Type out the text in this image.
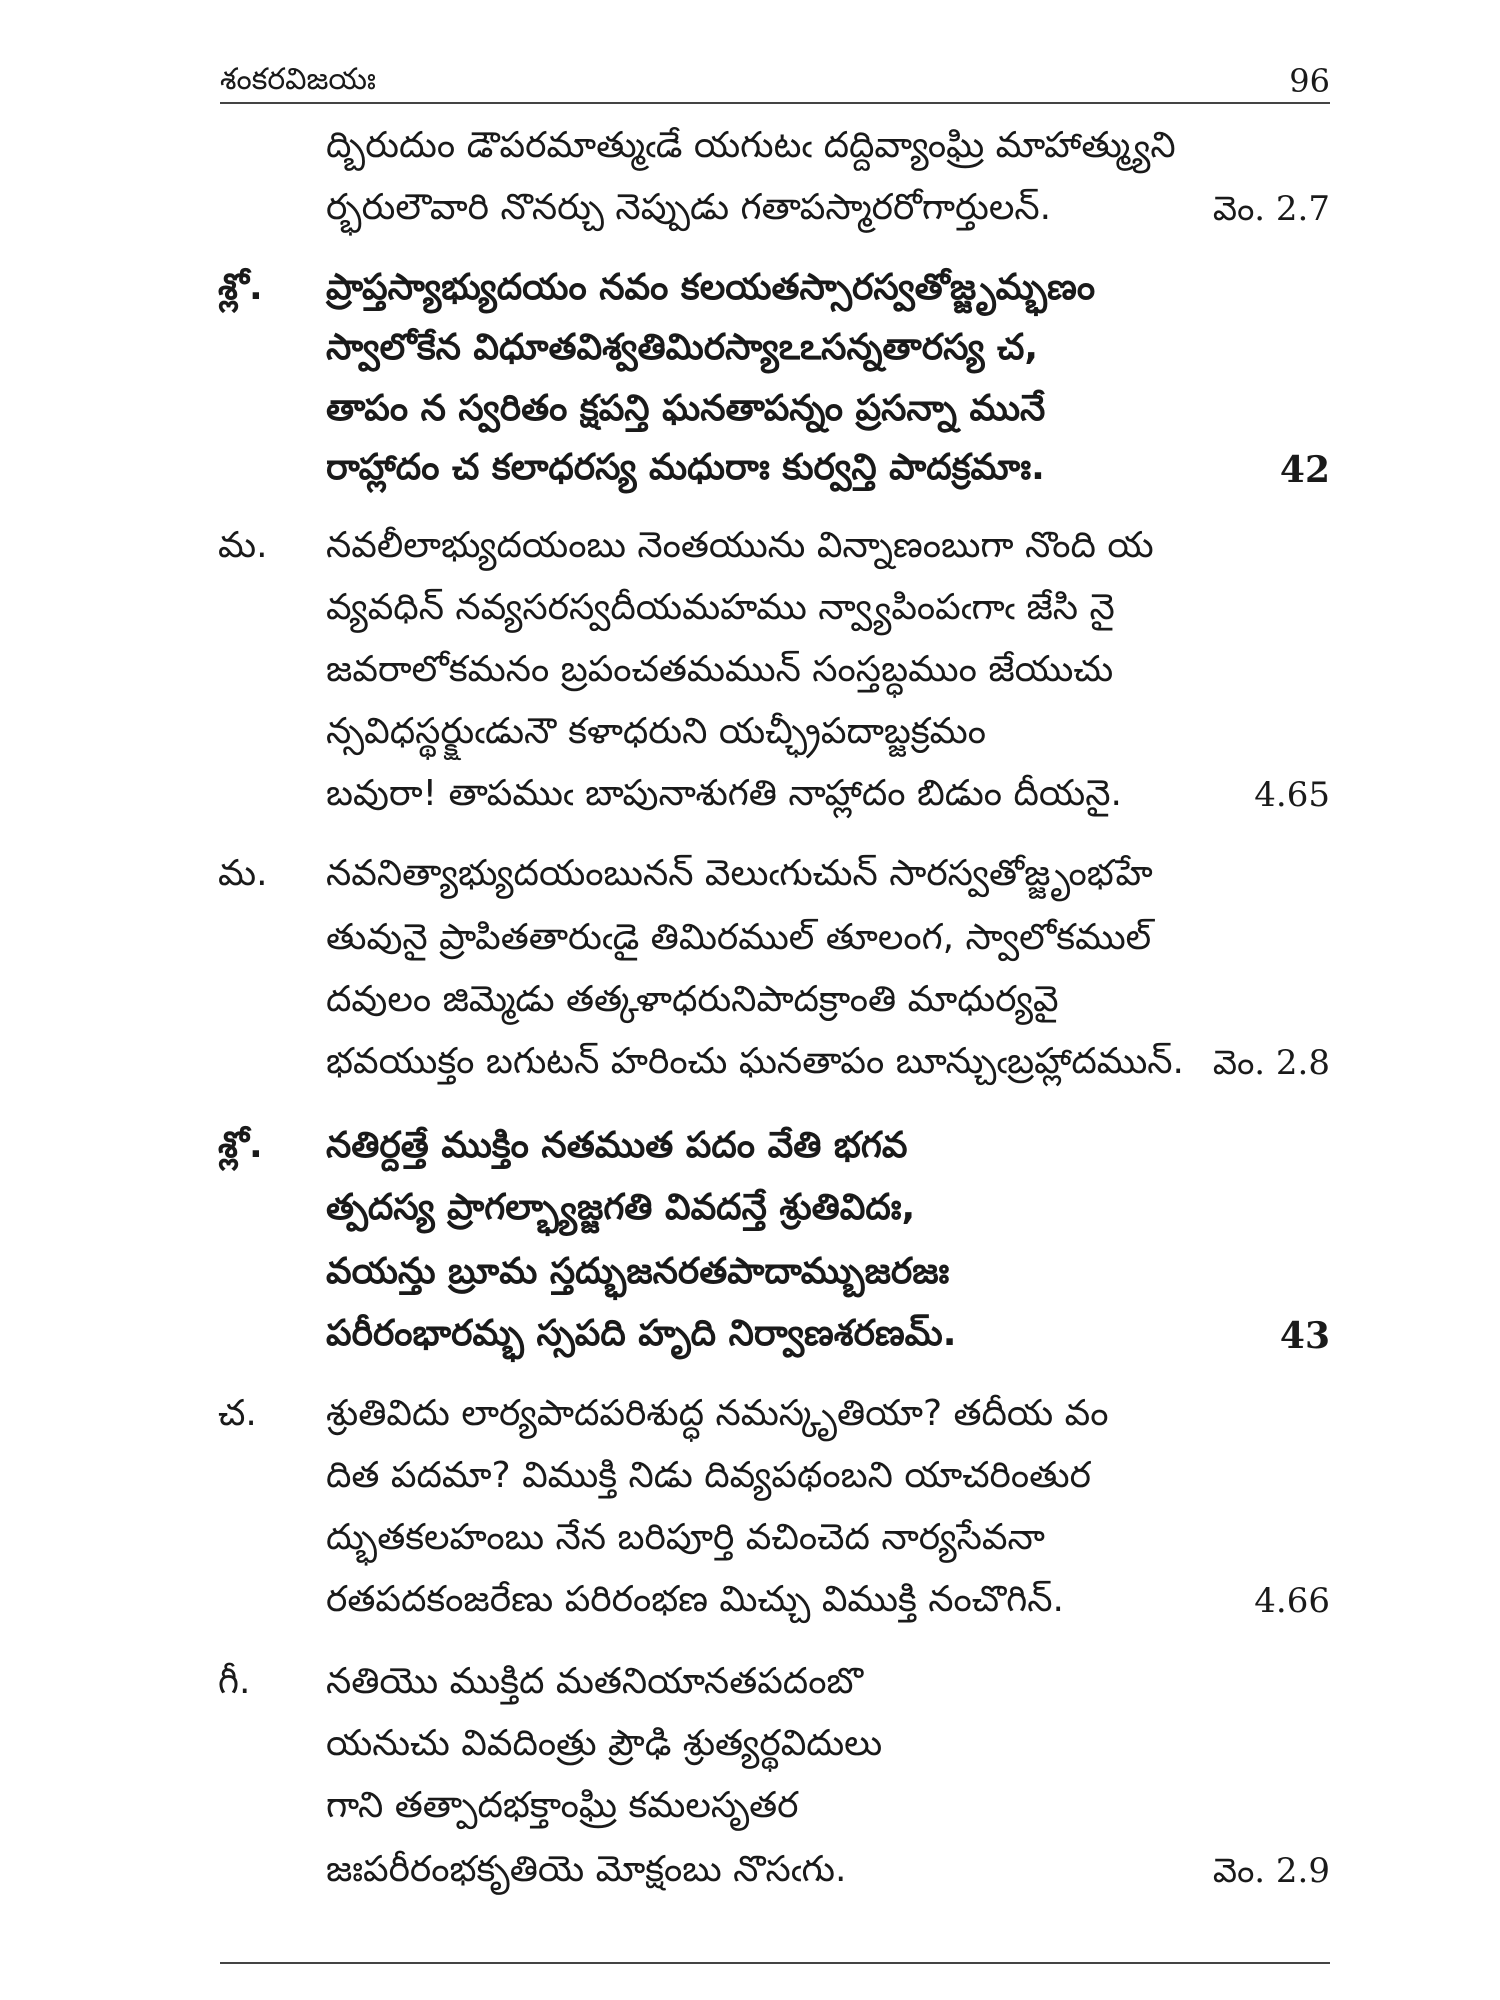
శంకరవిజయః	96
ద్బిరుదుం డౌపరమాత్ముఁడే యగుటఁ దద్దివ్యాంఘ్రి మాహాత్మ్యుని
ర్భరులౌవారి నొనర్చు నెప్పుడు గతాపస్మారరోగార్తులన్.	వెం. 2.7
శ్లో. ప్రాప్తస్యాభ్యుదయం నవం కలయతస్సారస్వతోజ్జృమ్భణం
స్వాలోకేన విధూతవిశ్వతిమిరస్యాఽఽసన్నతారస్య చ,
తాపం న స్వరితం క్షపన్తి ఘనతాపన్నం ప్రసన్నా మునే
రాహ్లాదం చ కలాధరస్య మధురాః కుర్వన్తి పాదక్రమాః.	42
మ. నవలీలాభ్యుదయంబు నెంతయును విన్నాణంబుగా నొంది య
వ్యవధిన్ నవ్యసరస్వదీయమహము న్వ్యాపింపఁగాఁ జేసి నై
జవరాలోకమనం బ్రపంచతమమున్ సంస్తబ్ధముం జేయుచు
న్సవిధస్థర్క్షుఁడునౌ కళాధరుని యచ్ఛ్రీపదాబ్జక్రమం
బవురా! తాపముఁ బాపునాశుగతి నాహ్లాదం బిడుం దీయనై.	4.65
మ. నవనిత్యాభ్యుదయంబునన్ వెలుఁగుచున్ సారస్వతోజ్జృంభహే
తువునై ప్రాపితతారుఁడై తిమిరముల్ తూలంగ, స్వాలోకముల్
దవులం జిమ్మెడు తత్కళాధరునిపాదక్రాంతి మాధుర్యవై
భవయుక్తం బగుటన్ హరించు ఘనతాపం బూన్చుఁబ్రహ్లాదమున్. వెం. 2.8
శ్లో. నతిర్దత్తే ముక్తిం నతముత పదం వేతి భగవ
త్పదస్య ప్రాగల్భ్యాజ్జగతి వివదన్తే శ్రుతివిదః,
వయన్తు బ్రూమ స్తద్భుజనరతపాదామ్బుజరజః
పరీరంభారమ్భ స్సపది హృది నిర్వాణశరణమ్.	43
చ. శ్రుతివిదు లార్యపాదపరిశుద్ధ నమస్కృతియా? తదీయ వం
దిత పదమా? విముక్తి నిడు దివ్యపథంబని యాచరింతుర
ద్భుతకలహంబు నేన బరిపూర్తి వచించెద నార్యసేవనా
రతపదకంజరేణు పరిరంభణ మిచ్చు విముక్తి నంచొగిన్.	4.66
గీ. నతియొ ముక్తిద మతనియానతపదంబొ
యనుచు వివదింత్రు ప్రౌఢి శ్రుత్యర్థవిదులు
గాని తత్పాదభక్తాంఘ్రి కమలసృతర
జఃపరీరంభకృతియె మోక్షంబు నొసఁగు.	వెం. 2.9
